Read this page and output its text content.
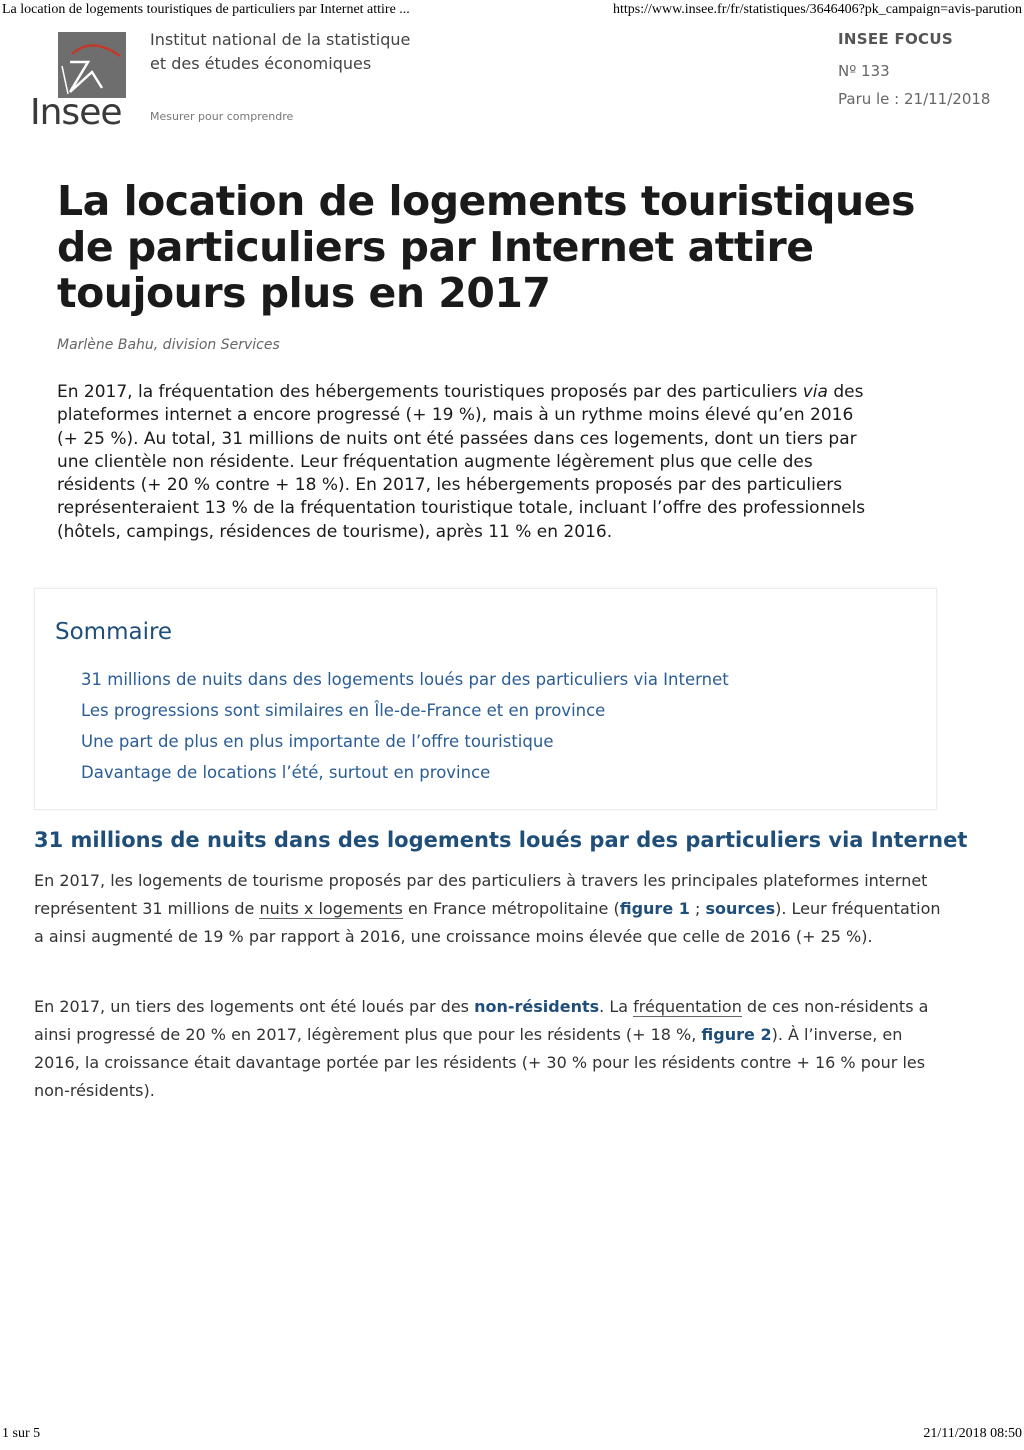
La location de logements touristiques de particuliers par Internet attire ...	https://www.insee.fr/fr/statistiques/3646406?pk_campaign=avis-parution
Insee
Institut national de la statistique
et des études économiques
Mesurer pour comprendre
INSEE FOCUS
Nº 133
Paru le : 21/11/2018
La location de logements touristiques de particuliers par Internet attire toujours plus en 2017
Marlène Bahu, division Services

En 2017, la fréquentation des hébergements touristiques proposés par des particuliers via des plateformes internet a encore progressé (+ 19 %), mais à un rythme moins élevé qu’en 2016 (+ 25 %). Au total, 31 millions de nuits ont été passées dans ces logements, dont un tiers par une clientèle non résidente. Leur fréquentation augmente légèrement plus que celle des résidents (+ 20 % contre + 18 %). En 2017, les hébergements proposés par des particuliers représenteraient 13 % de la fréquentation touristique totale, incluant l’offre des professionnels (hôtels, campings, résidences de tourisme), après 11 % en 2016.

Sommaire
31 millions de nuits dans des logements loués par des particuliers via Internet
Les progressions sont similaires en Île-de-France et en province
Une part de plus en plus importante de l’offre touristique
Davantage de locations l’été, surtout en province
31 millions de nuits dans des logements loués par des particuliers via Internet

En 2017, les logements de tourisme proposés par des particuliers à travers les principales plateformes internet représentent 31 millions de nuits x logements en France métropolitaine (figure 1 ; sources). Leur fréquentation a ainsi augmenté de 19 % par rapport à 2016, une croissance moins élevée que celle de 2016 (+ 25 %).

En 2017, un tiers des logements ont été loués par des non-résidents. La fréquentation de ces non-résidents a ainsi progressé de 20 % en 2017, légèrement plus que pour les résidents (+ 18 %, figure 2). À l’inverse, en 2016, la croissance était davantage portée par les résidents (+ 30 % pour les résidents contre + 16 % pour les non-résidents).

1 sur 5	21/11/2018 08:50
